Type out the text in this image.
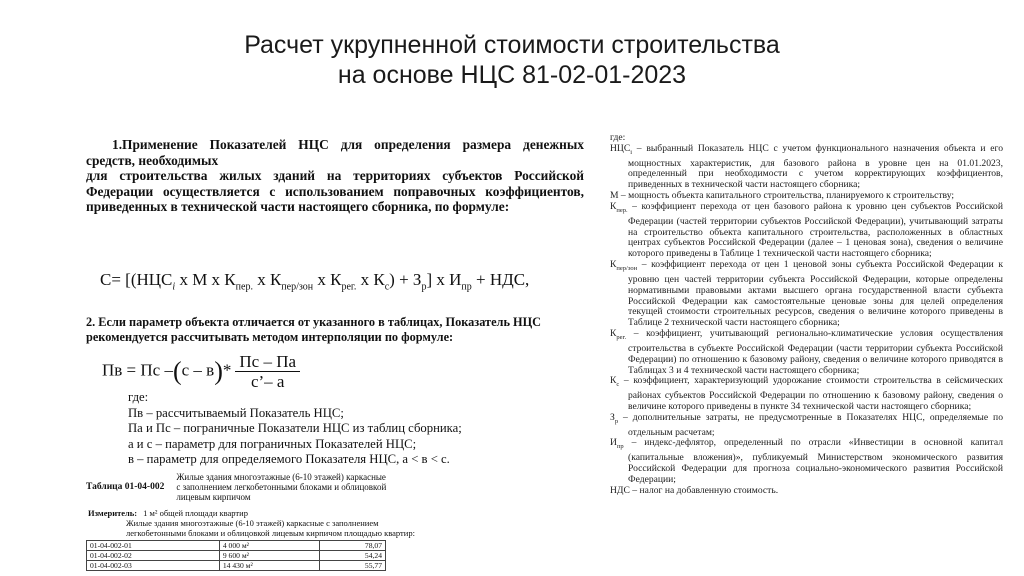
Расчет укрупненной стоимости строительства
на основе НЦС 81-02-01-2023

1.Применение Показателей НЦС для определения размера денежных средств, необходимых

для строительства жилых зданий на территориях субъектов Российской Федерации осуществляется с использованием поправочных коэффициентов, приведенных в технической части настоящего сборника, по формуле:

$С= [(НЦС_i$ x М x $К_{пер.}$ x $К_{пер/зон}$ x $К_{рег.}$ x $К_с) + З_р$] x $И_{пр}$ + НДС,
2. Если параметр объекта отличается от указанного в таблицах, Показатель НЦС рекомендуется рассчитывать методом интерполяции по формуле:
Пв = Пс $-(с - в)* \frac{Пс - Па}{с’- а}$
где:
Пв – рассчитываемый Показатель НЦС;
Па и Пс – пограничные Показатели НЦС из таблиц сборника;
а и с – параметр для пограничных Показателей НЦС;
в – параметр для определяемого Показателя НЦС, а < в < с.
Таблица 01-04-002
Жилые здания многоэтажные (6-10 этажей) каркасные с заполнением легкобетонными блоками и облицовкой лицевым кирпичом
Измеритель: 1 м² общей площади квартир
Жилые здания многоэтажные (6-10 этажей) каркасные с заполнением легкобетонными блоками и облицовкой лицевым кирпичом площадью квартир:
01-04-002-01	4 000 м²	78,07
01-04-002-02	9 600 м²	54,24
01-04-002-03	14 430 м²	55,77

где:

$НЦС_i$ – выбранный Показатель НЦС с учетом функционального назначения объекта и его мощностных характеристик, для базового района в уровне цен на 01.01.2023, определенный при необходимости с учетом корректирующих коэффициентов, приведенных в технической части настоящего сборника;

М – мощность объекта капитального строительства, планируемого к строительству;

$К_{пер.}$ – коэффициент перехода от цен базового района к уровню цен субъектов Российской Федерации (частей территории субъектов Российской Федерации), учитывающий затраты на строительство объекта капитального строительства, расположенных в областных центрах субъектов Российской Федерации (далее – 1 ценовая зона), сведения о величине которого приведены в Таблице 1 технической части настоящего сборника;

$К_{пер/зон}$ – коэффициент перехода от цен 1 ценовой зоны субъекта Российской Федерации к уровню цен частей территории субъекта Российской Федерации, которые определены нормативными правовыми актами высшего органа государственной власти субъекта Российской Федерации как самостоятельные ценовые зоны для целей определения текущей стоимости строительных ресурсов, сведения о величине которого приведены в Таблице 2 технической части настоящего сборника;

$К_{рег.}$ – коэффициент, учитывающий регионально-климатические условия осуществления строительства в субъекте Российской Федерации (части территории субъекта Российской Федерации) по отношению к базовому району, сведения о величине которого приводятся в Таблицах 3 и 4 технической части настоящего сборника;

$К_с$ – коэффициент, характеризующий удорожание стоимости строительства в сейсмических районах субъектов Российской Федерации по отношению к базовому району, сведения о величине которого приведены в пункте 34 технической части настоящего сборника;

$З_р$ – дополнительные затраты, не предусмотренные в Показателях НЦС, определяемые по отдельным расчетам;

$И_{пр}$ – индекс-дефлятор, определенный по отрасли «Инвестиции в основной капитал (капитальные вложения)», публикуемый Министерством экономического развития Российской Федерации для прогноза социально-экономического развития Российской Федерации;

НДС – налог на добавленную стоимость.
